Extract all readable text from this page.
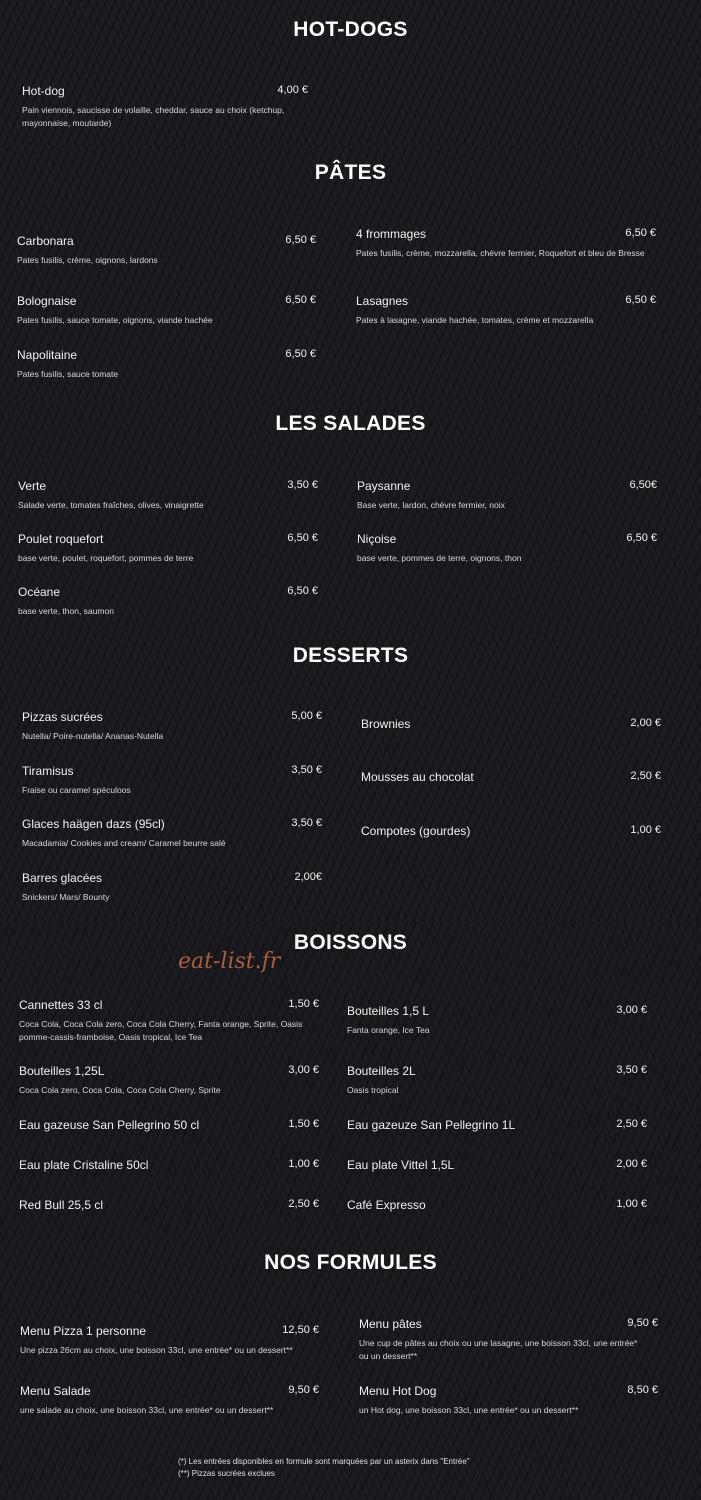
HOT-DOGS
Hot-dog	4,00 €
Pain viennois, saucisse de volaille, cheddar, sauce au choix (ketchup, mayonnaise, moutarde)
PÂTES
Carbonara	6,50 €
Pates fusilis, crème, oignons, lardons
Bolognaise	6,50 €
Pates fusilis, sauce tomate, oignons, viande hachée
Napolitaine	6,50 €
Pates fusilis, sauce tomate
4 frommages	6,50 €
Pates fusilis, crème, mozzarella, chèvre fermier, Roquefort et bleu de Bresse
Lasagnes	6,50 €
Pates à lasagne, viande hachée, tomates, crème et mozzarella
LES SALADES
Verte	3,50 €
Salade verte, tomates fraîches, olives, vinaigrette
Poulet roquefort	6,50 €
base verte, poulet, roquefort, pommes de terre
Océane	6,50 €
base verte, thon, saumon
Paysanne	6,50€
Base verte, lardon, chèvre fermier, noix
Niçoise	6,50 €
base verte, pommes de terre, oignons, thon
DESSERTS
Pizzas sucrées	5,00 €
Nutella/ Poire-nutella/ Ananas-Nutella
Tiramisus	3,50 €
Fraise ou caramel spéculoos
Glaces haägen dazs (95cl)	3,50 €
Macadamia/ Cookies and cream/ Caramel beurre salé
Barres glacées	2,00€
Snickers/ Mars/ Bounty
Brownies	2,00 €
Mousses au chocolat	2,50 €
Compotes (gourdes)	1,00 €
BOISSONS
eat-list.fr
Cannettes 33 cl	1,50 €
Coca Cola, Coca Cola zero, Coca Cola Cherry, Fanta orange, Sprite, Oasis pomme-cassis-framboise, Oasis tropical, Ice Tea
Bouteilles 1,25L	3,00 €
Coca Cola zero, Coca Cola, Coca Cola Cherry, Sprite
Eau gazeuse San Pellegrino 50 cl	1,50 €
Eau plate Cristaline 50cl	1,00 €
Red Bull 25,5 cl	2,50 €
Bouteilles 1,5 L	3,00 €
Fanta orange, Ice Tea
Bouteilles 2L	3,50 €
Oasis tropical
Eau gazeuze San Pellegrino 1L	2,50 €
Eau plate Vittel 1,5L	2,00 €
Café Expresso	1,00 €
NOS FORMULES
Menu Pizza 1 personne	12,50 €
Une pizza 26cm au choix, une boisson 33cl, une entrée* ou un dessert**
Menu Salade	9,50 €
une salade au choix, une boisson 33cl, une entrée* ou un dessert**
Menu pâtes	9,50 €
Une cup de pâtes au choix ou une lasagne, une boisson 33cl, une entrée* ou un dessert**
Menu Hot Dog	8,50 €
un Hot dog, une boisson 33cl, une entrée* ou un dessert**
(*) Les entrées disponibles en formule sont marquées par un asterix dans "Entrée"
(**) Pizzas sucrées exclues
